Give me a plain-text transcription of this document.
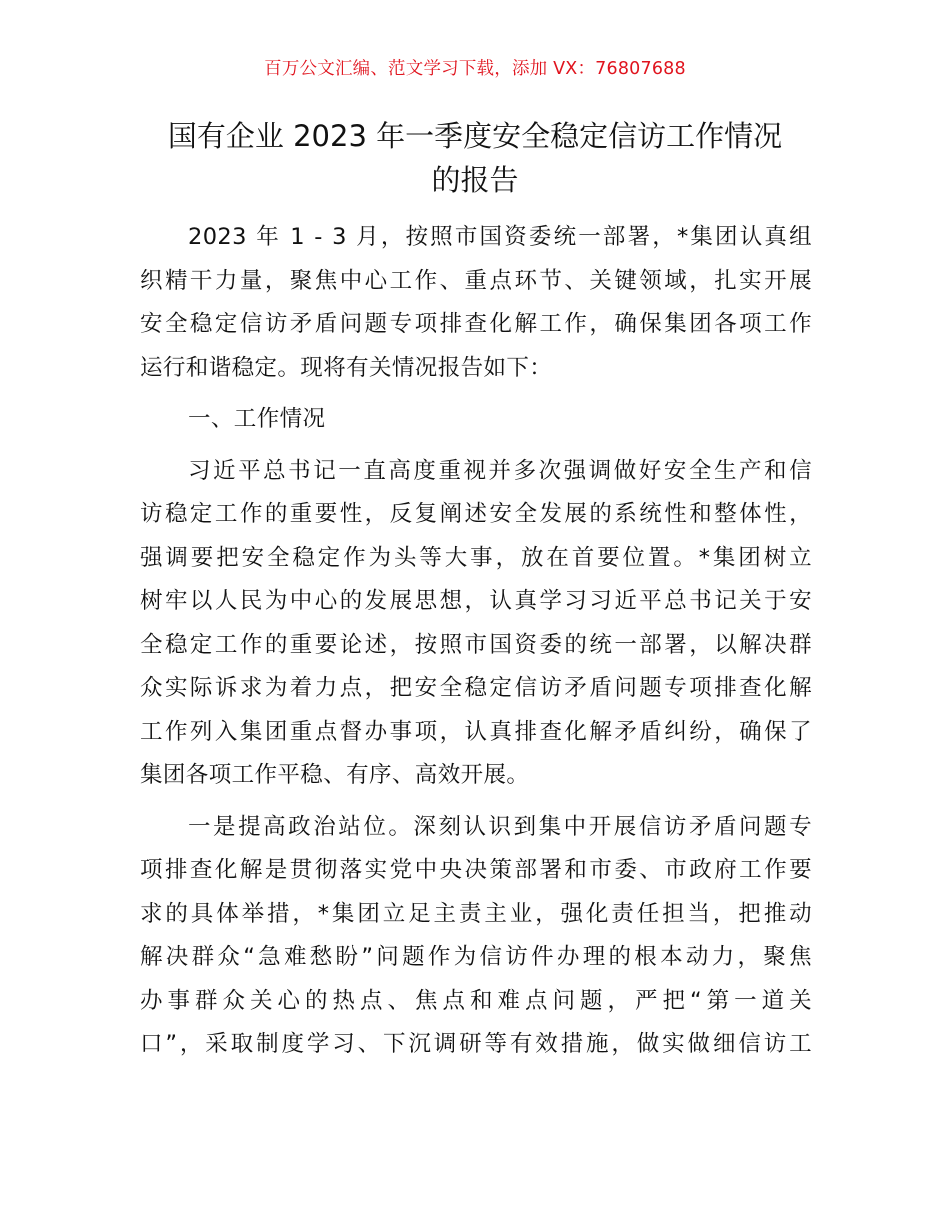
百万公文汇编、范文学习下载，添加 VX：76807688
国有企业 2023 年一季度安全稳定信访工作情况
的报告
2023 年 1 - 3 月，按照市国资委统一部署，*集团认真组
织精干力量，聚焦中心工作、重点环节、关键领域，扎实开展
安全稳定信访矛盾问题专项排查化解工作，确保集团各项工作
运行和谐稳定。现将有关情况报告如下：
一、工作情况
习近平总书记一直高度重视并多次强调做好安全生产和信
访稳定工作的重要性，反复阐述安全发展的系统性和整体性，
强调要把安全稳定作为头等大事，放在首要位置。*集团树立
树牢以人民为中心的发展思想，认真学习习近平总书记关于安
全稳定工作的重要论述，按照市国资委的统一部署，以解决群
众实际诉求为着力点，把安全稳定信访矛盾问题专项排查化解
工作列入集团重点督办事项，认真排查化解矛盾纠纷，确保了
集团各项工作平稳、有序、高效开展。
一是提高政治站位。深刻认识到集中开展信访矛盾问题专
项排查化解是贯彻落实党中央决策部署和市委、市政府工作要
求的具体举措，*集团立足主责主业，强化责任担当，把推动
解决群众“急难愁盼”问题作为信访件办理的根本动力，聚焦
办事群众关心的热点、焦点和难点问题，严把“第一道关
口”，采取制度学习、下沉调研等有效措施，做实做细信访工
